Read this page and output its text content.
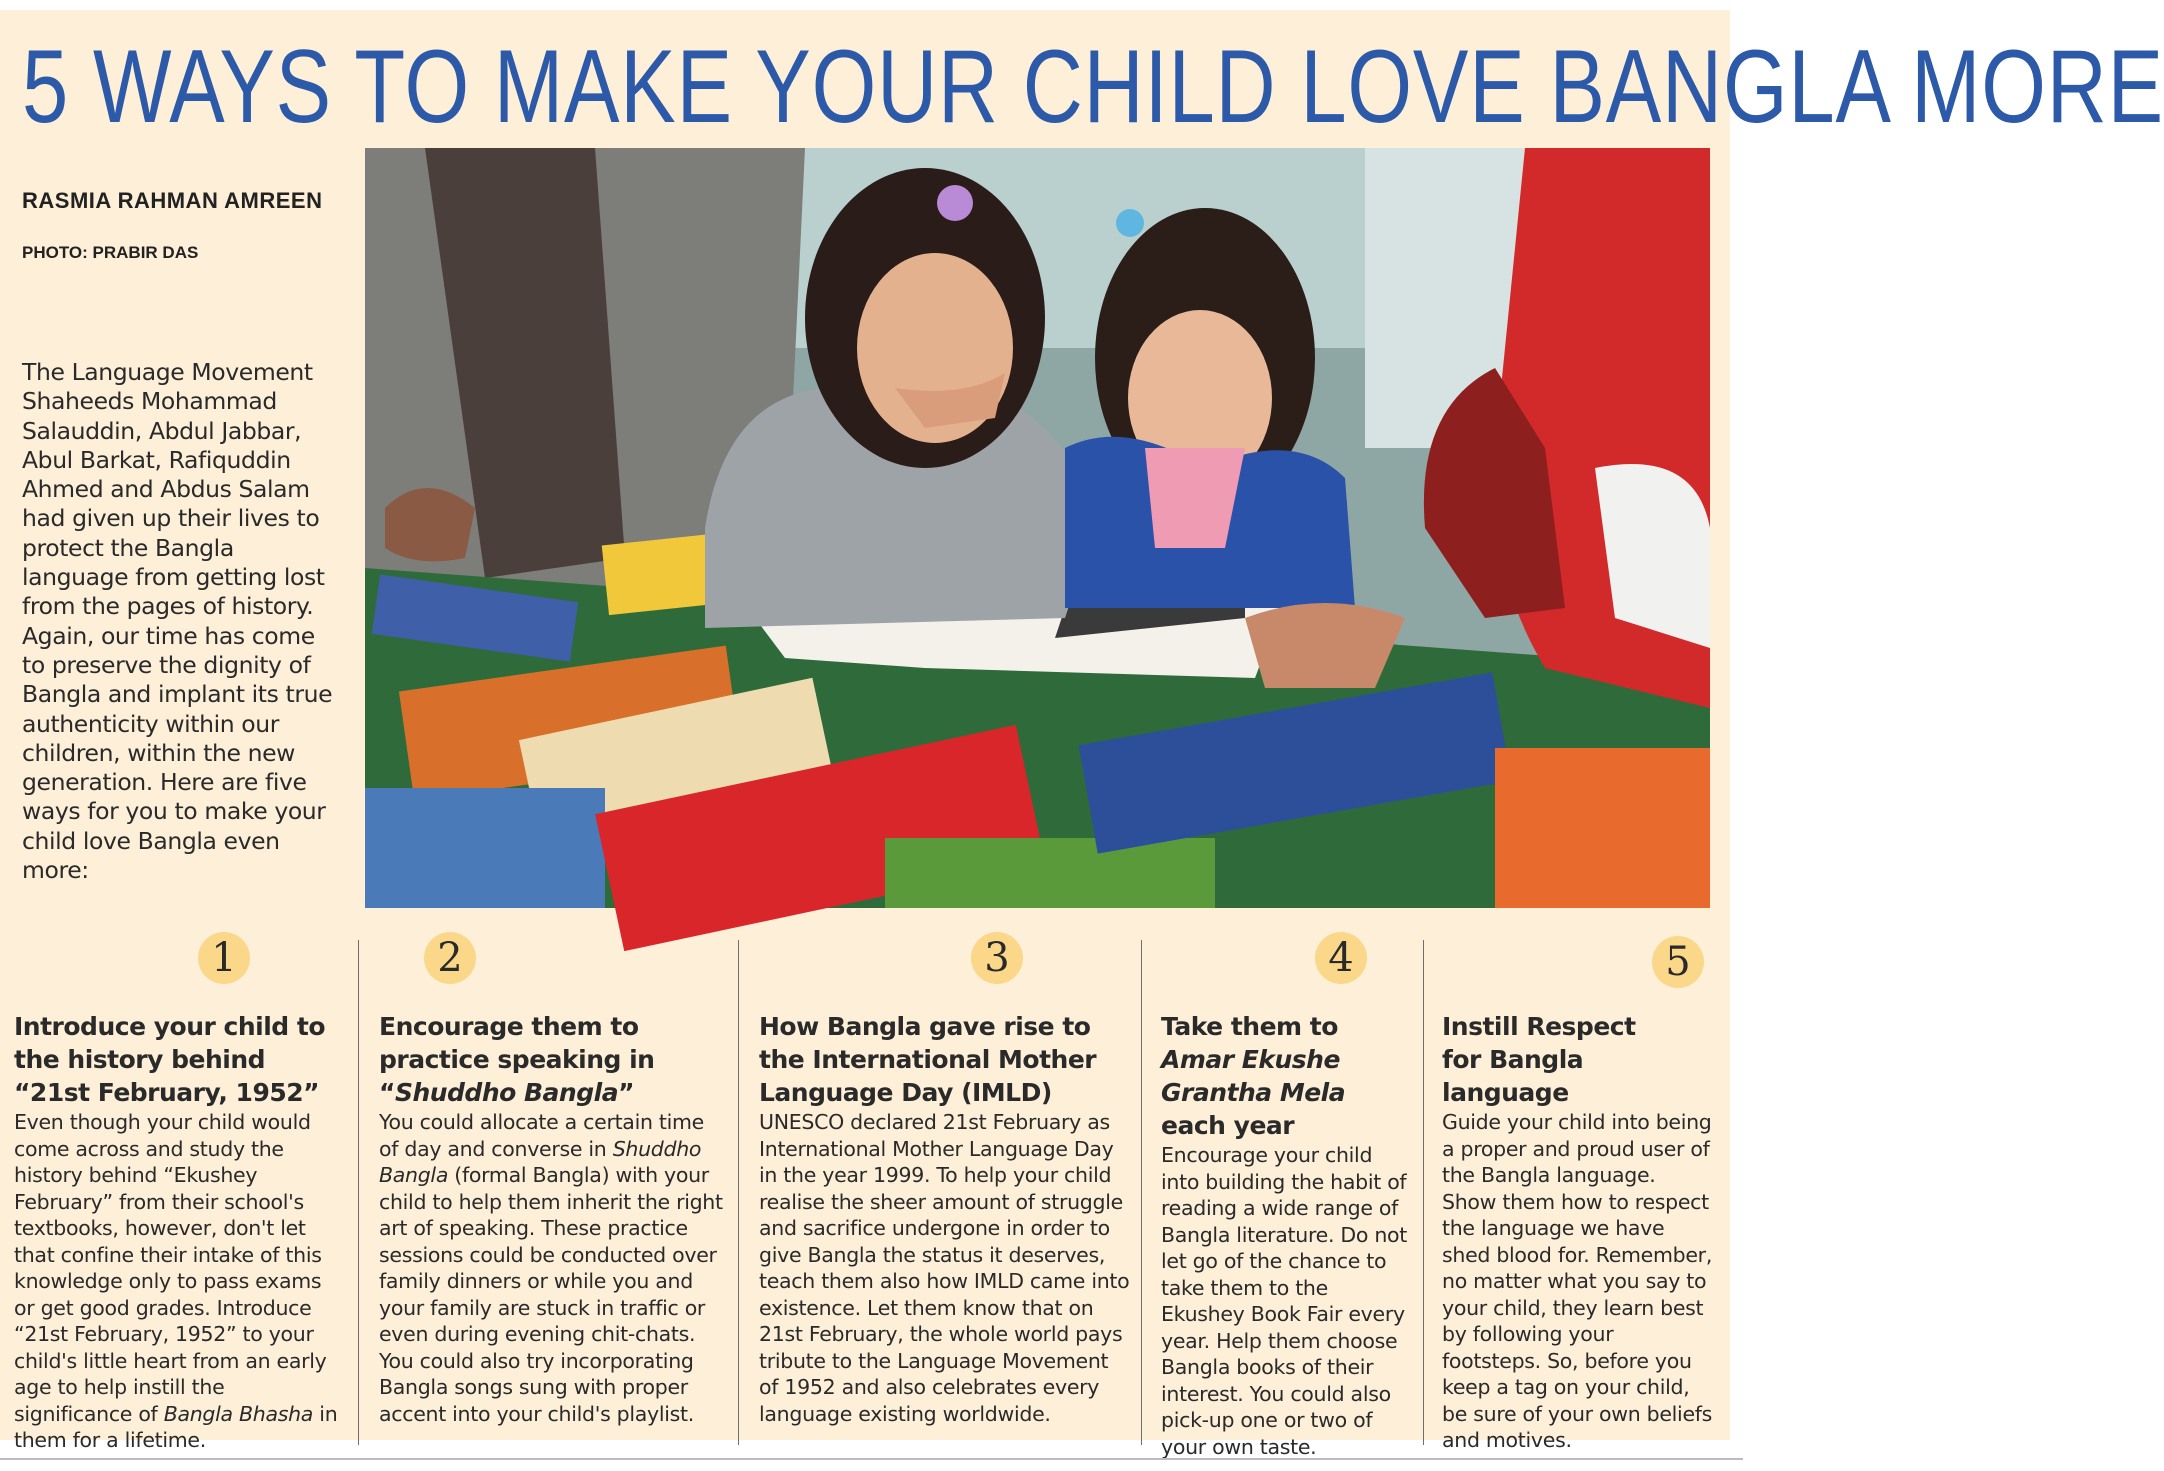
5 WAYS TO MAKE YOUR CHILD LOVE BANGLA MORE
RASMIA RAHMAN AMREEN
PHOTO: PRABIR DAS

The Language Movement Shaheeds Mohammad Salauddin, Abdul Jabbar, Abul Barkat, Rafiquddin Ahmed and Abdus Salam had given up their lives to protect the Bangla language from getting lost from the pages of history. Again, our time has come to preserve the dignity of Bangla and implant its true authenticity within our children, within the new generation. Here are five ways for you to make your child love Bangla even more:

1	2	3	4	5
Introduce your child to the history behind “21st February, 1952”

Even though your child would come across and study the history behind “Ekushey February” from their school's textbooks, however, don't let that confine their intake of this knowledge only to pass exams or get good grades. Introduce “21st February, 1952” to your child's little heart from an early age to help instill the significance of Bangla Bhasha in them for a lifetime.

Encourage them to practice speaking in “Shuddho Bangla”

You could allocate a certain time of day and converse in Shuddho Bangla (formal Bangla) with your child to help them inherit the right art of speaking. These practice sessions could be conducted over family dinners or while you and your family are stuck in traffic or even during evening chit-chats. You could also try incorporating Bangla songs sung with proper accent into your child's playlist.

How Bangla gave rise to the International Mother Language Day (IMLD)

UNESCO declared 21st February as International Mother Language Day in the year 1999. To help your child realise the sheer amount of struggle and sacrifice undergone in order to give Bangla the status it deserves, teach them also how IMLD came into existence. Let them know that on 21st February, the whole world pays tribute to the Language Movement of 1952 and also celebrates every language existing worldwide.

Take them to Amar Ekushe Grantha Mela each year

Encourage your child into building the habit of reading a wide range of Bangla literature. Do not let go of the chance to take them to the Ekushey Book Fair every year. Help them choose Bangla books of their interest. You could also pick-up one or two of your own taste.

Instill Respect for Bangla language

Guide your child into being a proper and proud user of the Bangla language. Show them how to respect the language we have shed blood for. Remember, no matter what you say to your child, they learn best by following your footsteps. So, before you keep a tag on your child, be sure of your own beliefs and motives.
